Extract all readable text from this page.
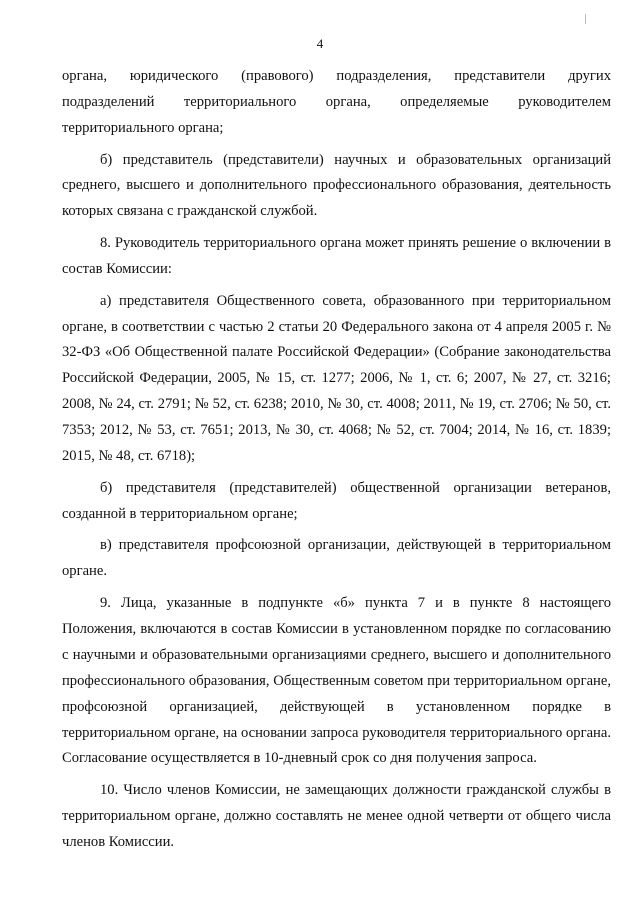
4

органа, юридического (правового) подразделения, представители других подразделений территориального органа, определяемые руководителем территориального органа;

б) представитель (представители) научных и образовательных организаций среднего, высшего и дополнительного профессионального образования, деятельность которых связана с гражданской службой.

8. Руководитель территориального органа может принять решение о включении в состав Комиссии:

а) представителя Общественного совета, образованного при территориальном органе, в соответствии с частью 2 статьи 20 Федерального закона от 4 апреля 2005 г. № 32-ФЗ «Об Общественной палате Российской Федерации» (Собрание законодательства Российской Федерации, 2005, № 15, ст. 1277; 2006, № 1, ст. 6; 2007, № 27, ст. 3216; 2008, № 24, ст. 2791; № 52, ст. 6238; 2010, № 30, ст. 4008; 2011, № 19, ст. 2706; № 50, ст. 7353; 2012, № 53, ст. 7651; 2013, № 30, ст. 4068; № 52, ст. 7004; 2014, № 16, ст. 1839; 2015, № 48, ст. 6718);

б) представителя (представителей) общественной организации ветеранов, созданной в территориальном органе;

в) представителя профсоюзной организации, действующей в территориальном органе.

9. Лица, указанные в подпункте «б» пункта 7 и в пункте 8 настоящего Положения, включаются в состав Комиссии в установленном порядке по согласованию с научными и образовательными организациями среднего, высшего и дополнительного профессионального образования, Общественным советом при территориальном органе, профсоюзной организацией, действующей в установленном порядке в территориальном органе, на основании запроса руководителя территориального органа. Согласование осуществляется в 10-дневный срок со дня получения запроса.

10. Число членов Комиссии, не замещающих должности гражданской службы в территориальном органе, должно составлять не менее одной четверти от общего числа членов Комиссии.
